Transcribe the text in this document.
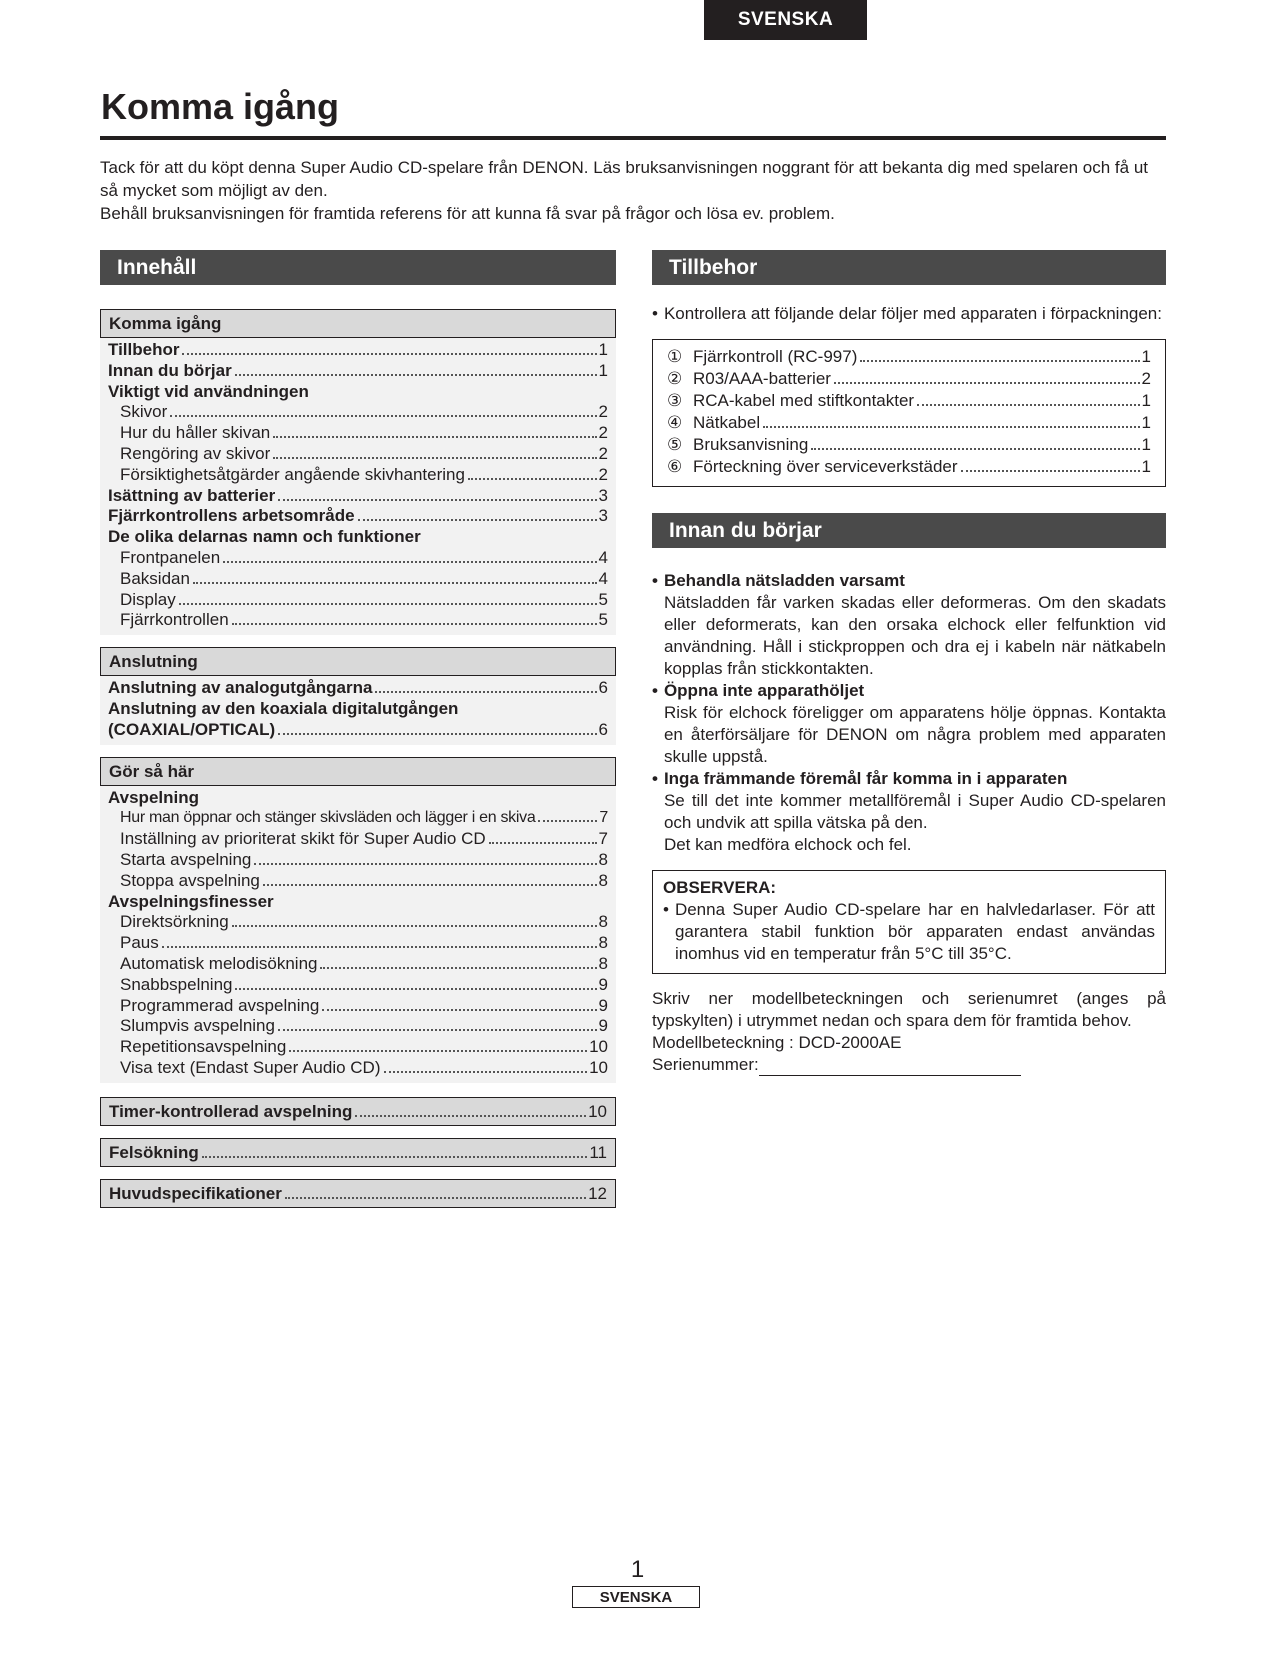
SVENSKA
Komma igång

Tack för att du köpt denna Super Audio CD-spelare från DENON. Läs bruksanvisningen noggrant för att bekanta dig med spelaren och få ut så mycket som möjligt av den.

Behåll bruksanvisningen för framtida referens för att kunna få svar på frågor och lösa ev. problem.

Innehåll
Komma igång
Tillbehor	1
Innan du börjar	1
Viktigt vid användningen
Skivor	2
Hur du håller skivan	2
Rengöring av skivor	2
Försiktighetsåtgärder angående skivhantering	2
Isättning av batterier	3
Fjärrkontrollens arbetsområde	3
De olika delarnas namn och funktioner
Frontpanelen	4
Baksidan	4
Display	5
Fjärrkontrollen	5
Anslutning
Anslutning av analogutgångarna	6
Anslutning av den koaxiala digitalutgången
(COAXIAL/OPTICAL)	6
Gör så här
Avspelning
Hur man öppnar och stänger skivsläden och lägger i en skiva	7
Inställning av prioriterat skikt för Super Audio CD	7
Starta avspelning	8
Stoppa avspelning	8
Avspelningsfinesser
Direktsörkning	8
Paus	8
Automatisk melodisökning	8
Snabbspelning	9
Programmerad avspelning	9
Slumpvis avspelning	9
Repetitionsavspelning	10
Visa text (Endast Super Audio CD)	10
Timer-kontrollerad avspelning	10
Felsökning	11
Huvudspecifikationer	12
Tillbehor
• Kontrollera att följande delar följer med apparaten i förpackningen:
① Fjärrkontroll (RC-997)	1
② R03/AAA-batterier	2
③ RCA-kabel med stiftkontakter	1
④ Nätkabel	1
⑤ Bruksanvisning	1
⑥ Förteckning över serviceverkstäder	1
Innan du börjar
• Behandla nätsladden varsamt
Nätsladden får varken skadas eller deformeras. Om den skadats eller deformerats, kan den orsaka elchock eller felfunktion vid användning. Håll i stickproppen och dra ej i kabeln när nätkabeln kopplas från stickkontakten.
• Öppna inte apparathöljet
Risk för elchock föreligger om apparatens hölje öppnas. Kontakta en återförsäljare för DENON om några problem med apparaten skulle uppstå.
• Inga främmande föremål får komma in i apparaten
Se till det inte kommer metallföremål i Super Audio CD-spelaren och undvik att spilla vätska på den.
Det kan medföra elchock och fel.
OBSERVERA:
• Denna Super Audio CD-spelare har en halvledarlaser. För att garantera stabil funktion bör apparaten endast användas inomhus vid en temperatur från 5°C till 35°C.

Skriv ner modellbeteckningen och serienumret (anges på typskylten) i utrymmet nedan och spara dem för framtida behov.

Modellbeteckning : DCD-2000AE

Serienummer:

1
SVENSKA
